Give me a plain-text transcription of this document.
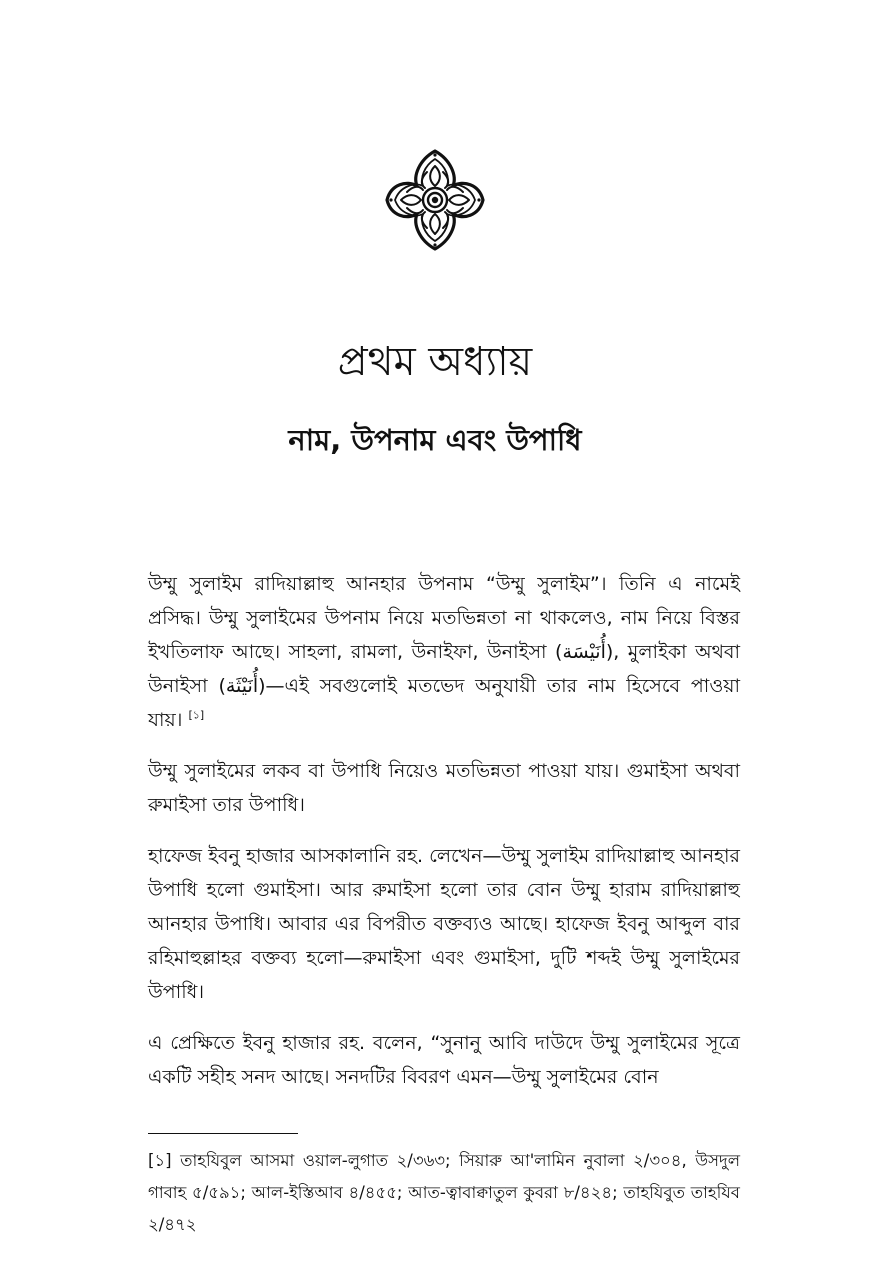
প্রথম অধ্যায়
নাম, উপনাম এবং উপাধি

উম্মু সুলাইম রাদিয়াল্লাহু আনহার উপনাম “উম্মু সুলাইম”। তিনি এ নামেই প্রসিদ্ধ। উম্মু সুলাইমের উপনাম নিয়ে মতভিন্নতা না থাকলেও, নাম নিয়ে বিস্তর ইখতিলাফ আছে। সাহলা, রামলা, উনাইফা, উনাইসা (أُنَيْسَة), মুলাইকা অথবা উনাইসা (أُنَيْثَة)—এই সবগুলোই মতভেদ অনুযায়ী তার নাম হিসেবে পাওয়া যায়। [১]

উম্মু সুলাইমের লকব বা উপাধি নিয়েও মতভিন্নতা পাওয়া যায়। গুমাইসা অথবা রুমাইসা তার উপাধি।

হাফেজ ইবনু হাজার আসকালানি রহ. লেখেন—উম্মু সুলাইম রাদিয়াল্লাহু আনহার উপাধি হলো গুমাইসা। আর রুমাইসা হলো তার বোন উম্মু হারাম রাদিয়াল্লাহু আনহার উপাধি। আবার এর বিপরীত বক্তব্যও আছে। হাফেজ ইবনু আব্দুল বার রহিমাহুল্লাহর বক্তব্য হলো—রুমাইসা এবং গুমাইসা, দুটি শব্দই উম্মু সুলাইমের উপাধি।

এ প্রেক্ষিতে ইবনু হাজার রহ. বলেন, “সুনানু আবি দাউদে উম্মু সুলাইমের সূত্রে একটি সহীহ সনদ আছে। সনদটির বিবরণ এমন—উম্মু সুলাইমের বোন

[১] তাহযিবুল আসমা ওয়াল-লুগাত ২/৩৬৩; সিয়ারু আ'লামিন নুবালা ২/৩০৪, উসদুল গাবাহ ৫/৫৯১; আল-ইস্তিআব ৪/৪৫৫; আত-ত্বাবাক্বাতুল কুবরা ৮/৪২৪; তাহযিবুত তাহযিব ২/৪৭২
